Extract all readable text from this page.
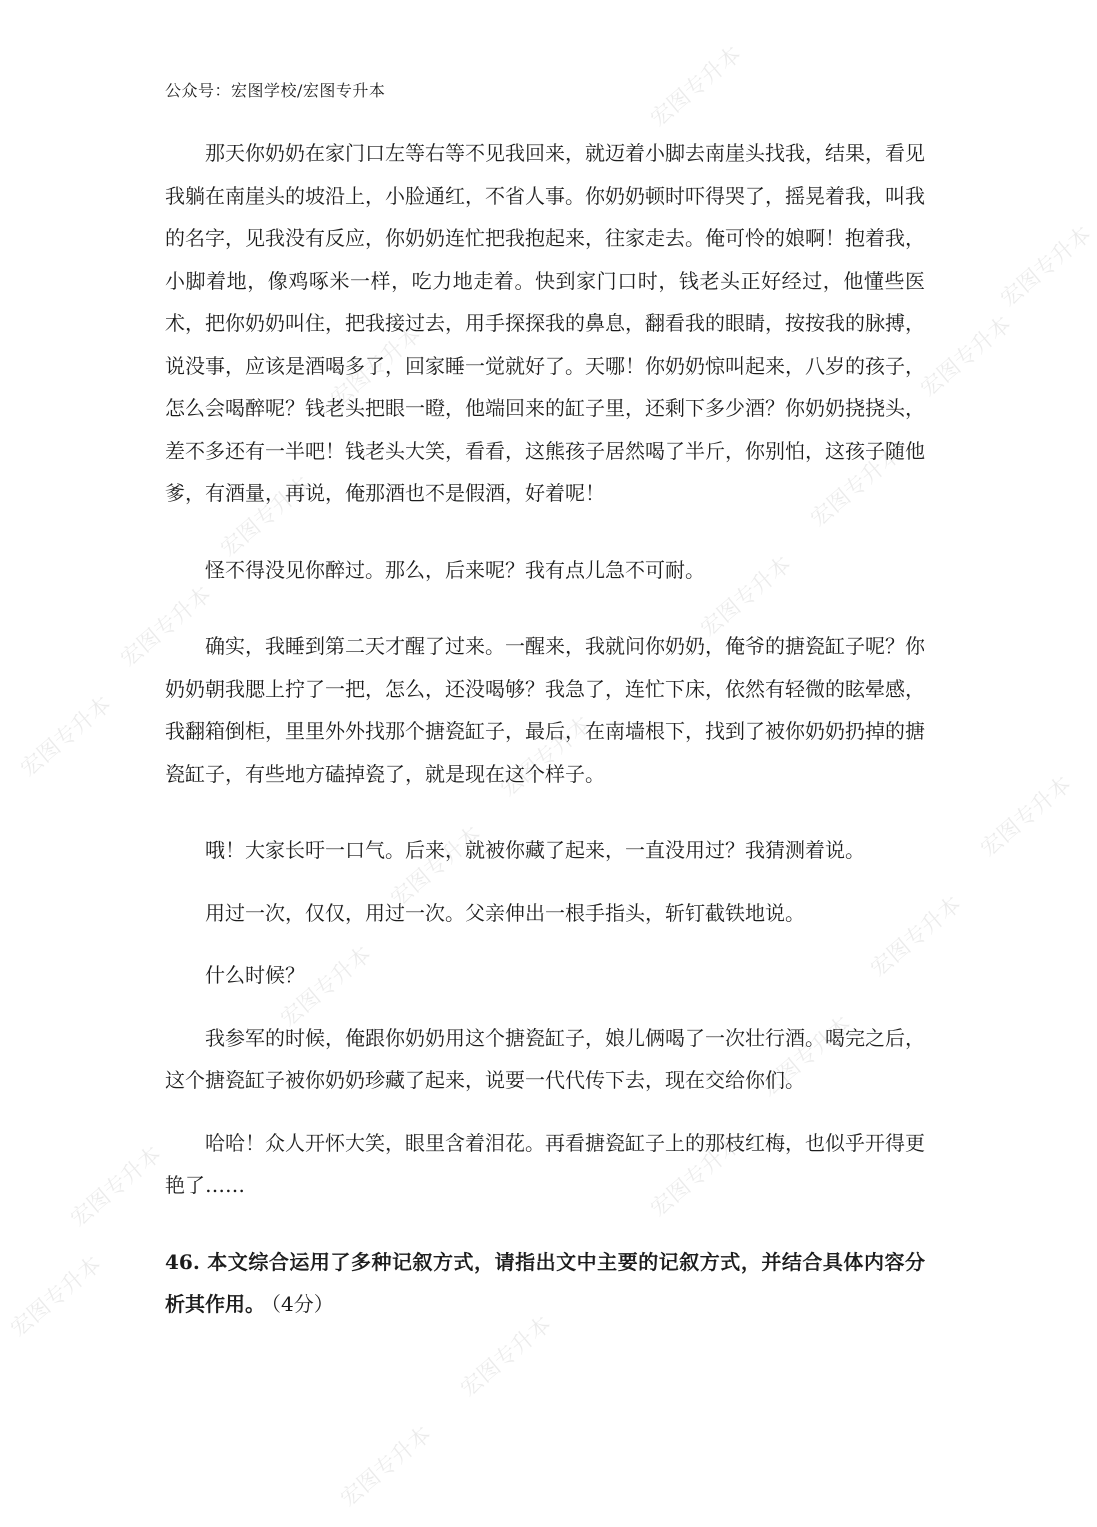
宏图专升本
宏图专升本
宏图专升本	宏图专升本
宏图专升本	宏图专升本
宏图专升本	宏图专升本
宏图专升本	宏图专升本
宏图专升本
宏图专升本
宏图专升本
宏图专升本
宏图专升本
宏图专升本	宏图专升本
宏图专升本
宏图专升本
宏图专升本
公众号：宏图学校/宏图专升本

那天你奶奶在家门口左等右等不见我回来，就迈着小脚去南崖头找我，结果，看见我躺在南崖头的坡沿上，小脸通红，不省人事。你奶奶顿时吓得哭了，摇晃着我，叫我的名字，见我没有反应，你奶奶连忙把我抱起来，往家走去。俺可怜的娘啊！抱着我，小脚着地，像鸡啄米一样，吃力地走着。快到家门口时，钱老头正好经过，他懂些医术，把你奶奶叫住，把我接过去，用手探探我的鼻息，翻看我的眼睛，按按我的脉搏，说没事，应该是酒喝多了，回家睡一觉就好了。天哪！你奶奶惊叫起来，八岁的孩子，怎么会喝醉呢？钱老头把眼一瞪，他端回来的缸子里，还剩下多少酒？你奶奶挠挠头，差不多还有一半吧！钱老头大笑，看看，这熊孩子居然喝了半斤，你别怕，这孩子随他爹，有酒量，再说，俺那酒也不是假酒，好着呢！

怪不得没见你醉过。那么，后来呢？我有点儿急不可耐。

确实，我睡到第二天才醒了过来。一醒来，我就问你奶奶，俺爷的搪瓷缸子呢？你奶奶朝我腮上拧了一把，怎么，还没喝够？我急了，连忙下床，依然有轻微的眩晕感，我翻箱倒柜，里里外外找那个搪瓷缸子，最后，在南墙根下，找到了被你奶奶扔掉的搪瓷缸子，有些地方磕掉瓷了，就是现在这个样子。

哦！大家长吁一口气。后来，就被你藏了起来，一直没用过？我猜测着说。

用过一次，仅仅，用过一次。父亲伸出一根手指头，斩钉截铁地说。

什么时候？

我参军的时候，俺跟你奶奶用这个搪瓷缸子，娘儿俩喝了一次壮行酒。喝完之后，这个搪瓷缸子被你奶奶珍藏了起来，说要一代代传下去，现在交给你们。

哈哈！众人开怀大笑，眼里含着泪花。再看搪瓷缸子上的那枝红梅，也似乎开得更艳了……

46. 本文综合运用了多种记叙方式，请指出文中主要的记叙方式，并结合具体内容分析其作用。 （4分）
